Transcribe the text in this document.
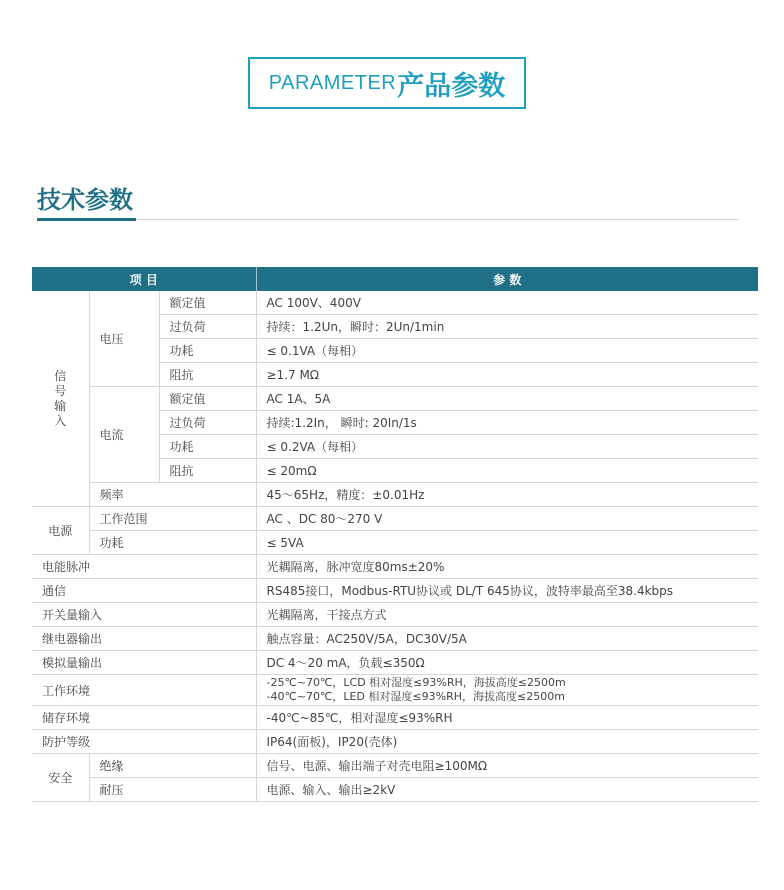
PARAMETER 产品参数
技术参数
项 目			参 数
信号输入	电压	额定值	AC 100V、400V
		过负荷	持续：1.2Un，瞬时：2Un/1min
		功耗	≤ 0.1VA（每相）
		阻抗	≥1.7 MΩ
	电流	额定值	AC 1A、5A
		过负荷	持续:1.2In， 瞬时: 20In/1s
		功耗	≤ 0.2VA（每相）
		阻抗	≤ 20mΩ
	频率		45～65Hz，精度：±0.01Hz
电源	工作范围		AC 、DC 80～270 V
	功耗		≤ 5VA
电能脉冲			光耦隔离，脉冲宽度80ms±20%
通信			RS485接口，Modbus-RTU协议或 DL/T 645协议，波特率最高至38.4kbps
开关量输入			光耦隔离，干接点方式
继电器输出			触点容量：AC250V/5A，DC30V/5A
模拟量输出			DC 4～20 mA，负载≤350Ω
工作环境			-25℃~70℃，LCD 相对湿度≤93%RH，海拔高度≤2500m
-40℃~70℃，LED 相对湿度≤93%RH，海拔高度≤2500m

储存环境			-40℃~85℃，相对湿度≤93%RH
防护等级			IP64(面板)，IP20(壳体)
安全	绝缘		信号、电源、输出端子对壳电阻≥100MΩ
	耐压		电源、输入、输出≥2kV
